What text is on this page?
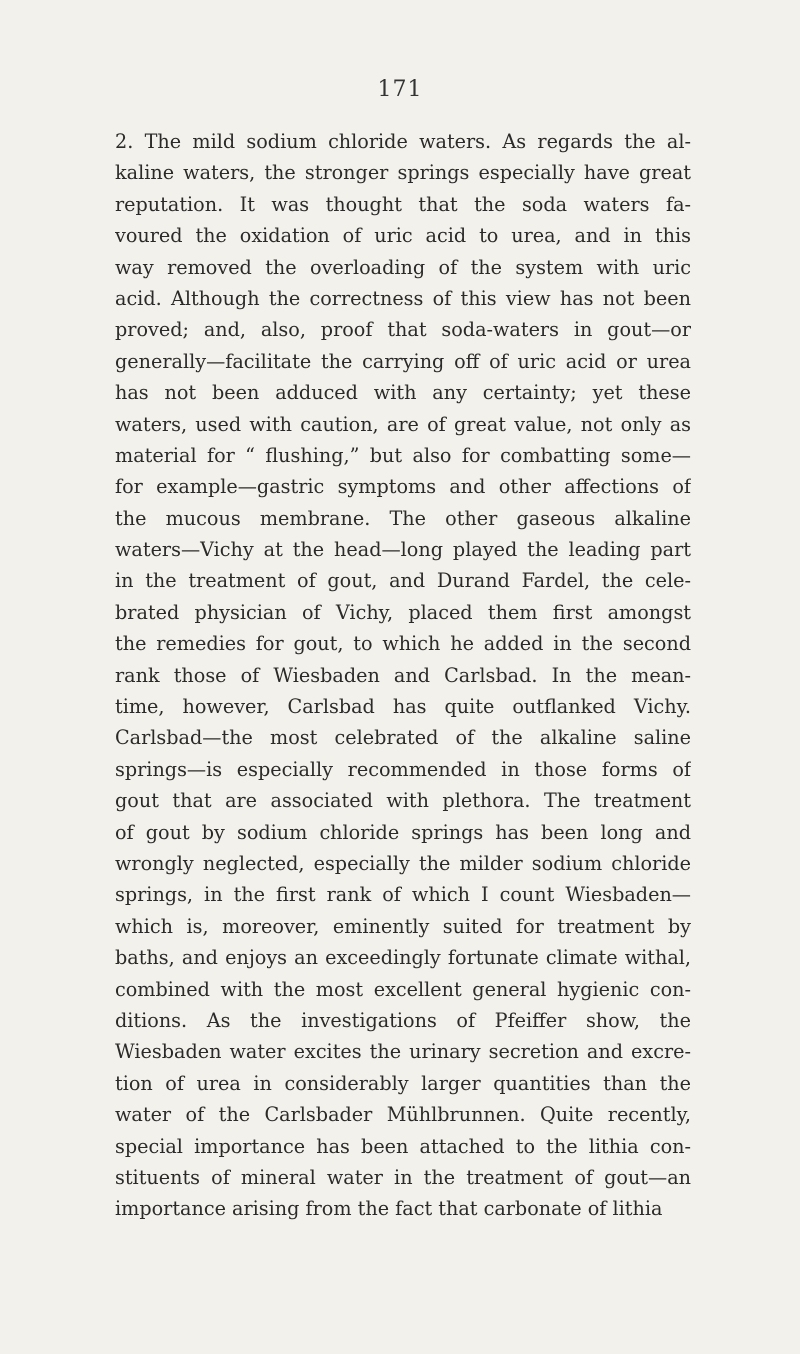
171
2. The mild sodium chloride waters. As regards the al-
kaline waters, the stronger springs especially have great
reputation. It was thought that the soda waters fa-
voured the oxidation of uric acid to urea, and in this
way removed the overloading of the system with uric
acid. Although the correctness of this view has not been
proved; and, also, proof that soda-waters in gout—or
generally—facilitate the carrying off of uric acid or urea
has not been adduced with any certainty; yet these
waters, used with caution, are of great value, not only as
material for “ flushing,” but also for combatting some—
for example—gastric symptoms and other affections of
the mucous membrane. The other gaseous alkaline
waters—Vichy at the head—long played the leading part
in the treatment of gout, and Durand Fardel, the cele-
brated physician of Vichy, placed them first amongst
the remedies for gout, to which he added in the second
rank those of Wiesbaden and Carlsbad. In the mean-
time, however, Carlsbad has quite outflanked Vichy.
Carlsbad—the most celebrated of the alkaline saline
springs—is especially recommended in those forms of
gout that are associated with plethora. The treatment
of gout by sodium chloride springs has been long and
wrongly neglected, especially the milder sodium chloride
springs, in the first rank of which I count Wiesbaden—
which is, moreover, eminently suited for treatment by
baths, and enjoys an exceedingly fortunate climate withal,
combined with the most excellent general hygienic con-
ditions. As the investigations of Pfeiffer show, the
Wiesbaden water excites the urinary secretion and excre-
tion of urea in considerably larger quantities than the
water of the Carlsbader Mühlbrunnen. Quite recently,
special importance has been attached to the lithia con-
stituents of mineral water in the treatment of gout—an
importance arising from the fact that carbonate of lithia
